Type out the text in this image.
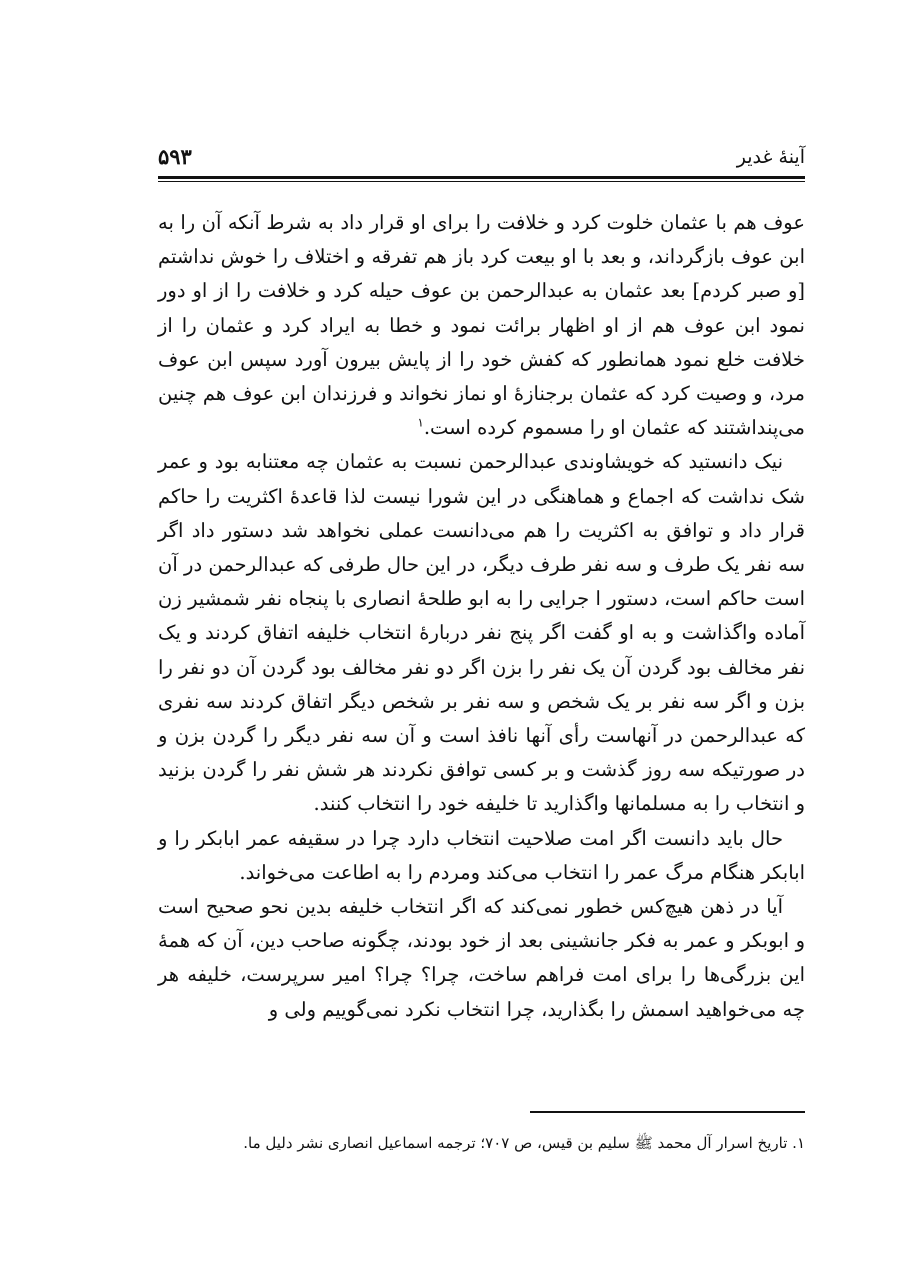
آینهٔ غدیر
۵۹۳

عوف هم با عثمان خلوت کرد و خلافت را برای او قرار داد به شرط آنکه آن را به ابن عوف بازگرداند، و بعد با او بیعت کرد باز هم تفرقه و اختلاف را خوش نداشتم [و صبر کردم] بعد عثمان به عبدالرحمن بن عوف حیله کرد و خلافت را از او دور نمود ابن عوف هم از او اظهار برائت نمود و خطا به ایراد کرد و عثمان را از خلافت خلع نمود همانطور که کفش خود را از پایش بیرون آورد سپس ابن عوف مرد، و وصیت کرد که عثمان برجنازهٔ او نماز نخواند و فرزندان ابن عوف هم چنین می‌پنداشتند که عثمان او را مسموم کرده است.$^۱$

نیک دانستید که خویشاوندی عبدالرحمن نسبت به عثمان چه معتنابه بود و عمر شک نداشت که اجماع و هماهنگی در این شورا نیست لذا قاعدهٔ اکثریت را حاکم قرار داد و توافق به اکثریت را هم می‌دانست عملی نخواهد شد دستور داد اگر سه نفر یک طرف و سه نفر طرف دیگر، در این حال طرفی که عبدالرحمن در آن است حاکم است، دستور ا جرایی را به ابو طلحهٔ انصاری با پنجاه نفر شمشیر زن آماده واگذاشت و به او گفت اگر پنج نفر دربارهٔ انتخاب خلیفه اتفاق کردند و یک نفر مخالف بود گردن آن یک نفر را بزن اگر دو نفر مخالف بود گردن آن دو نفر را بزن و اگر سه نفر بر یک شخص و سه نفر بر شخص دیگر اتفاق کردند سه نفری که عبدالرحمن در آنهاست رأی آنها نافذ است و آن سه نفر دیگر را گردن بزن و در صورتیکه سه روز گذشت و بر کسی توافق نکردند هر شش نفر را گردن بزنید و انتخاب را به مسلمانها واگذارید تا خلیفه خود را انتخاب کنند.

حال باید دانست اگر امت صلاحیت انتخاب دارد چرا در سقیفه عمر ابابکر را و ابابکر هنگام مرگ عمر را انتخاب می‌کند ومردم را به اطاعت می‌خواند.

آیا در ذهن هیچ‌کس خطور نمی‌کند که اگر انتخاب خلیفه بدین نحو صحیح است و ابوبکر و عمر به فکر جانشینی بعد از خود بودند، چگونه صاحب دین، آن که همهٔ این بزرگی‌ها را برای امت فراهم ساخت، چرا؟ چرا؟ امیر سرپرست، خلیفه هر چه می‌خواهید اسمش را بگذارید، چرا انتخاب نکرد نمی‌گوییم ولی و

۱. تاریخ اسرار آل محمد ﷺ سلیم بن قیس، ص ۷۰۷؛ ترجمه اسماعیل انصاری نشر دلیل ما.
